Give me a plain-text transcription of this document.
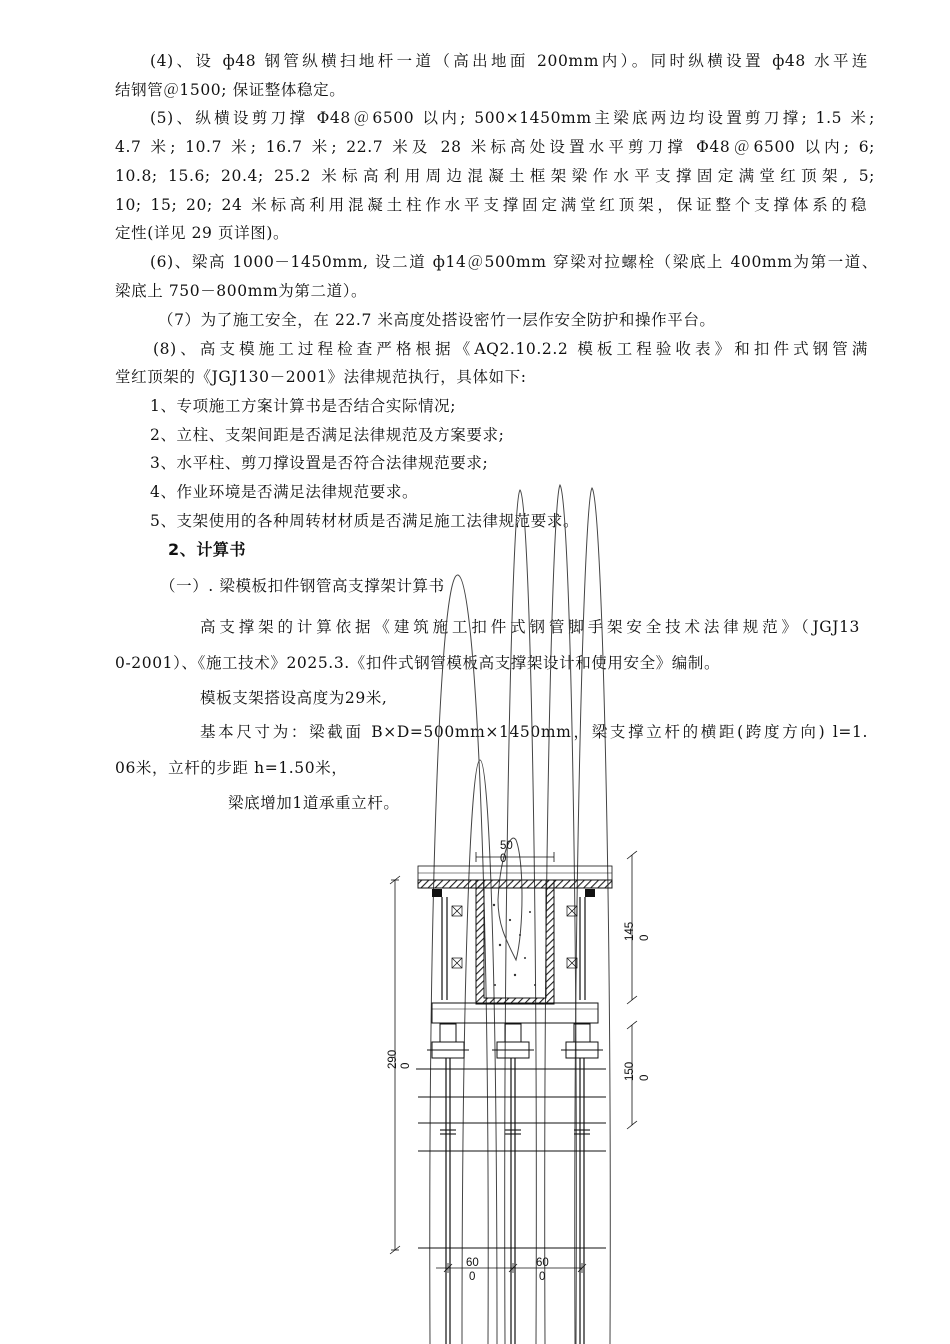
(4)、设 ф48 钢管纵横扫地杆一道（高出地面 200mm内）。同时纵横设置 ф48 水平连
结钢管＠1500; 保证整体稳定。
(5)、纵横设剪刀撑 Φ48＠6500 以内; 500×1450mm主梁底两边均设置剪刀撑; 1.5 米;
4.7 米; 10.7 米; 16.7 米; 22.7 米及 28 米标高处设置水平剪刀撑 Φ48＠6500 以内; 6;
10.8; 15.6; 20.4; 25.2 米标高利用周边混凝土框架梁作水平支撑固定满堂红顶架, 5;
10; 15; 20; 24 米标高利用混凝土柱作水平支撑固定满堂红顶架，保证整个支撑体系的稳
定性(详见 29 页详图)。
(6)、梁高 1000－1450mm, 设二道 ф14＠500mm 穿梁对拉螺栓（梁底上 400mm为第一道、
梁底上 750－800mm为第二道）。
（7）为了施工安全，在 22.7 米高度处搭设密竹一层作安全防护和操作平台。
(8)、高支模施工过程检查严格根据《AQ2.10.2.2 模板工程验收表》和扣件式钢管满
堂红顶架的《JGJ130－2001》法律规范执行，具体如下:
1、专项施工方案计算书是否结合实际情况;
2、立柱、支架间距是否满足法律规范及方案要求;
3、水平柱、剪刀撑设置是否符合法律规范要求;
4、作业环境是否满足法律规范要求。
5、支架使用的各种周转材材质是否满足施工法律规范要求。
2、计算书
（一）. 梁模板扣件钢管高支撑架计算书
高支撑架的计算依据《建筑施工扣件式钢管脚手架安全技术法律规范》（JGJ13
0-2001）、《施工技术》2025.3.《扣件式钢管模板高支撑架设计和使用安全》编制。
模板支架搭设高度为29米,
基本尺寸为：梁截面 B×D=500mm×1450mm，梁支撑立杆的横距(跨度方向) l=1.
06米，立杆的步距 h=1.50米，
梁底增加1道承重立杆。
50
0
145 0
290 0	150 0
60
0
60
0
